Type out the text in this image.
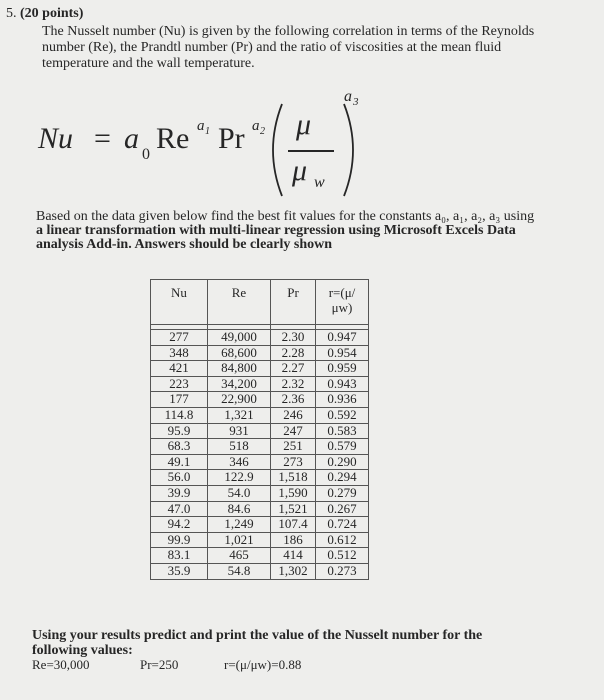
5. (20 points)
The Nusselt number (Nu) is given by the following correlation in terms of the Reynolds
number (Re), the Prandtl number (Pr) and the ratio of viscosities at the mean fluid
temperature and the wall temperature.
Nu = a 0 Re a 1 Pr a 2 μ
μ w
a 3
Based on the data given below find the best fit values for the constants a₀, a₁, a₂, a₃ using
a linear transformation with multi-linear regression using Microsoft Excels Data
analysis Add-in. Answers should be clearly shown
Nu	Re	Pr	r=(μ/μw)

277	49,000	2.30	0.947
348	68,600	2.28	0.954
421	84,800	2.27	0.959
223	34,200	2.32	0.943
177	22,900	2.36	0.936
114.8	1,321	246	0.592
95.9	931	247	0.583
68.3	518	251	0.579
49.1	346	273	0.290
56.0	122.9	1,518	0.294
39.9	54.0	1,590	0.279
47.0	84.6	1,521	0.267
94.2	1,249	107.4	0.724
99.9	1,021	186	0.612
83.1	465	414	0.512
35.9	54.8	1,302	0.273
Using your results predict and print the value of the Nusselt number for the
following values:
Re=30,000	Pr=250	r=(μ/μw)=0.88
